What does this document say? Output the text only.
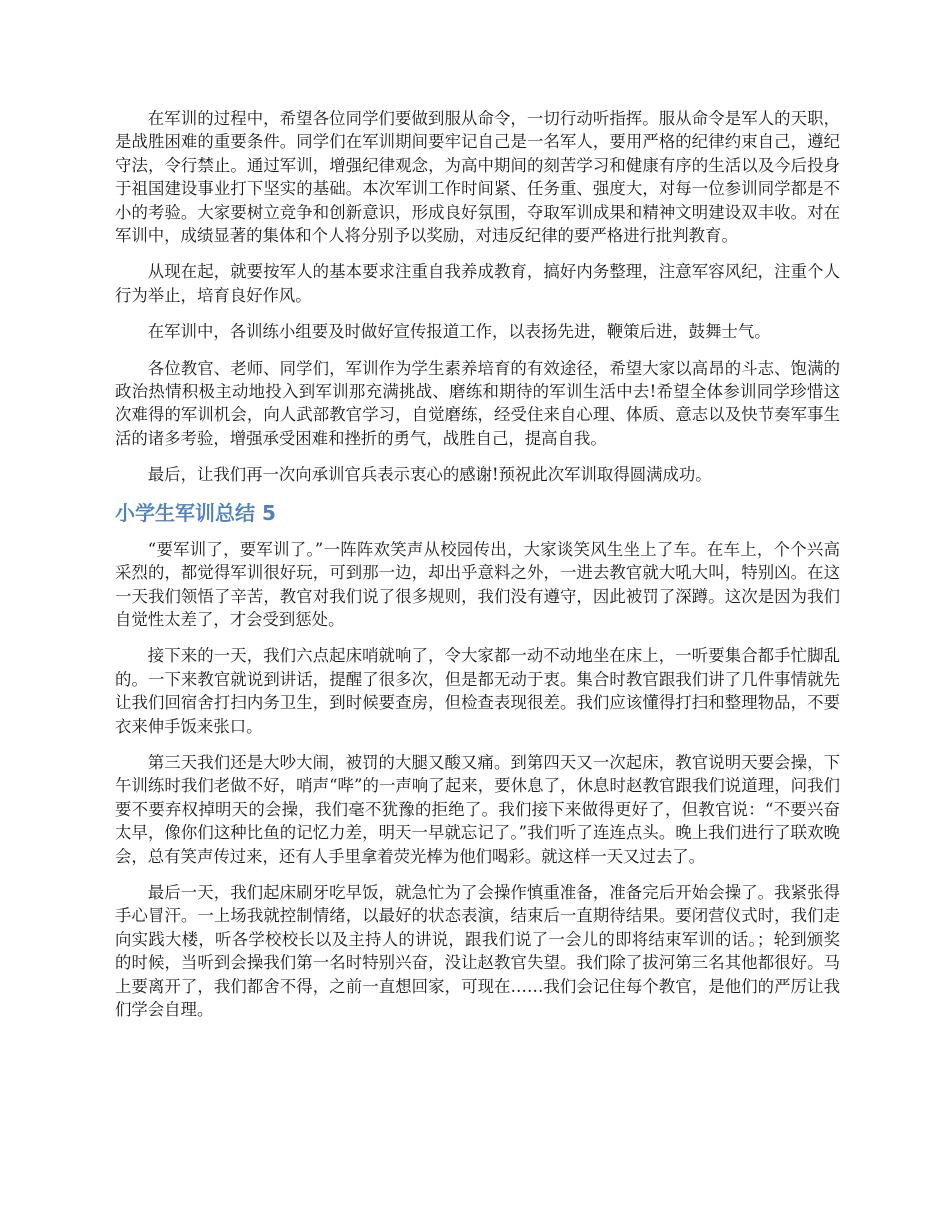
在军训的过程中，希望各位同学们要做到服从命令，一切行动听指挥。服从命令是军人的天职，是战胜困难的重要条件。同学们在军训期间要牢记自己是一名军人，要用严格的纪律约束自己，遵纪守法，令行禁止。通过军训，增强纪律观念，为高中期间的刻苦学习和健康有序的生活以及今后投身于祖国建设事业打下坚实的基础。本次军训工作时间紧、任务重、强度大，对每一位参训同学都是不小的考验。大家要树立竞争和创新意识，形成良好氛围，夺取军训成果和精神文明建设双丰收。对在军训中，成绩显著的集体和个人将分别予以奖励，对违反纪律的要严格进行批判教育。

从现在起，就要按军人的基本要求注重自我养成教育，搞好内务整理，注意军容风纪，注重个人行为举止，培育良好作风。

在军训中，各训练小组要及时做好宣传报道工作，以表扬先进，鞭策后进，鼓舞士气。

各位教官、老师、同学们，军训作为学生素养培育的有效途径，希望大家以高昂的斗志、饱满的政治热情积极主动地投入到军训那充满挑战、磨练和期待的军训生活中去!希望全体参训同学珍惜这次难得的军训机会，向人武部教官学习，自觉磨练，经受住来自心理、体质、意志以及快节奏军事生活的诸多考验，增强承受困难和挫折的勇气，战胜自己，提高自我。

最后，让我们再一次向承训官兵表示衷心的感谢!预祝此次军训取得圆满成功。

小学生军训总结 5

“要军训了，要军训了。”一阵阵欢笑声从校园传出，大家谈笑风生坐上了车。在车上，个个兴高采烈的，都觉得军训很好玩，可到那一边，却出乎意料之外，一进去教官就大吼大叫，特别凶。在这一天我们领悟了辛苦，教官对我们说了很多规则，我们没有遵守，因此被罚了深蹲。这次是因为我们自觉性太差了，才会受到惩处。

接下来的一天，我们六点起床哨就响了，令大家都一动不动地坐在床上，一听要集合都手忙脚乱的。一下来教官就说到讲话，提醒了很多次，但是都无动于衷。集合时教官跟我们讲了几件事情就先让我们回宿舍打扫内务卫生，到时候要查房，但检查表现很差。我们应该懂得打扫和整理物品，不要衣来伸手饭来张口。

第三天我们还是大吵大闹，被罚的大腿又酸又痛。到第四天又一次起床，教官说明天要会操，下午训练时我们老做不好，哨声“哔”的一声响了起来，要休息了，休息时赵教官跟我们说道理，问我们要不要弃权掉明天的会操，我们毫不犹豫的拒绝了。我们接下来做得更好了，但教官说：“不要兴奋太早，像你们这种比鱼的记忆力差，明天一早就忘记了。”我们听了连连点头。晚上我们进行了联欢晚会，总有笑声传过来，还有人手里拿着荧光棒为他们喝彩。就这样一天又过去了。

最后一天，我们起床刷牙吃早饭，就急忙为了会操作慎重准备，准备完后开始会操了。我紧张得手心冒汗。一上场我就控制情绪，以最好的状态表演，结束后一直期待结果。要闭营仪式时，我们走向实践大楼，听各学校校长以及主持人的讲说，跟我们说了一会儿的即将结束军训的话。；轮到颁奖的时候，当听到会操我们第一名时特别兴奋，没让赵教官失望。我们除了拔河第三名其他都很好。马上要离开了，我们都舍不得，之前一直想回家，可现在……我们会记住每个教官，是他们的严厉让我们学会自理。
